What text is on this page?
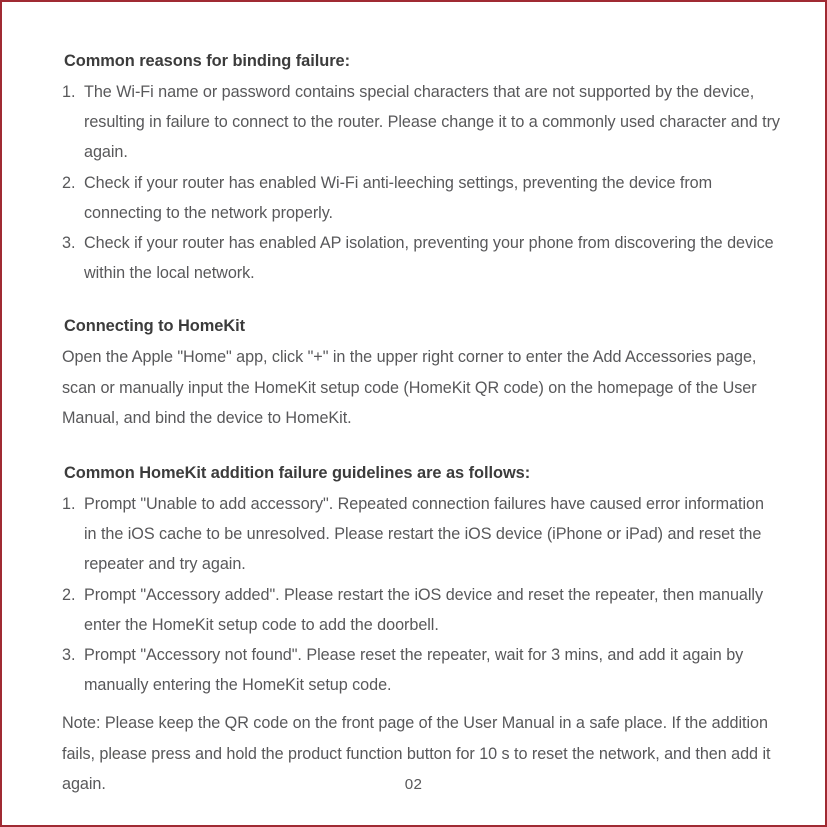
Common reasons for binding failure:
1. The Wi-Fi name or password contains special characters that are not supported by the device, resulting in failure to connect to the router. Please change it to a commonly used character and try again.
2. Check if your router has enabled Wi-Fi anti-leeching settings, preventing the device from connecting to the network properly.
3. Check if your router has enabled AP isolation, preventing your phone from discovering the device within the local network.
Connecting to HomeKit

Open the Apple "Home" app, click "+" in the upper right corner to enter the Add Accessories page, scan or manually input the HomeKit setup code (HomeKit QR code) on the homepage of the User Manual, and bind the device to HomeKit.

Common HomeKit addition failure guidelines are as follows:
1. Prompt "Unable to add accessory". Repeated connection failures have caused error information in the iOS cache to be unresolved. Please restart the iOS device (iPhone or iPad) and reset the repeater and try again.
2. Prompt "Accessory added". Please restart the iOS device and reset the repeater, then manually enter the HomeKit setup code to add the doorbell.
3. Prompt "Accessory not found". Please reset the repeater, wait for 3 mins, and add it again by manually entering the HomeKit setup code.

Note: Please keep the QR code on the front page of the User Manual in a safe place. If the addition fails, please press and hold the product function button for 10 s to reset the network, and then add it again.	02
